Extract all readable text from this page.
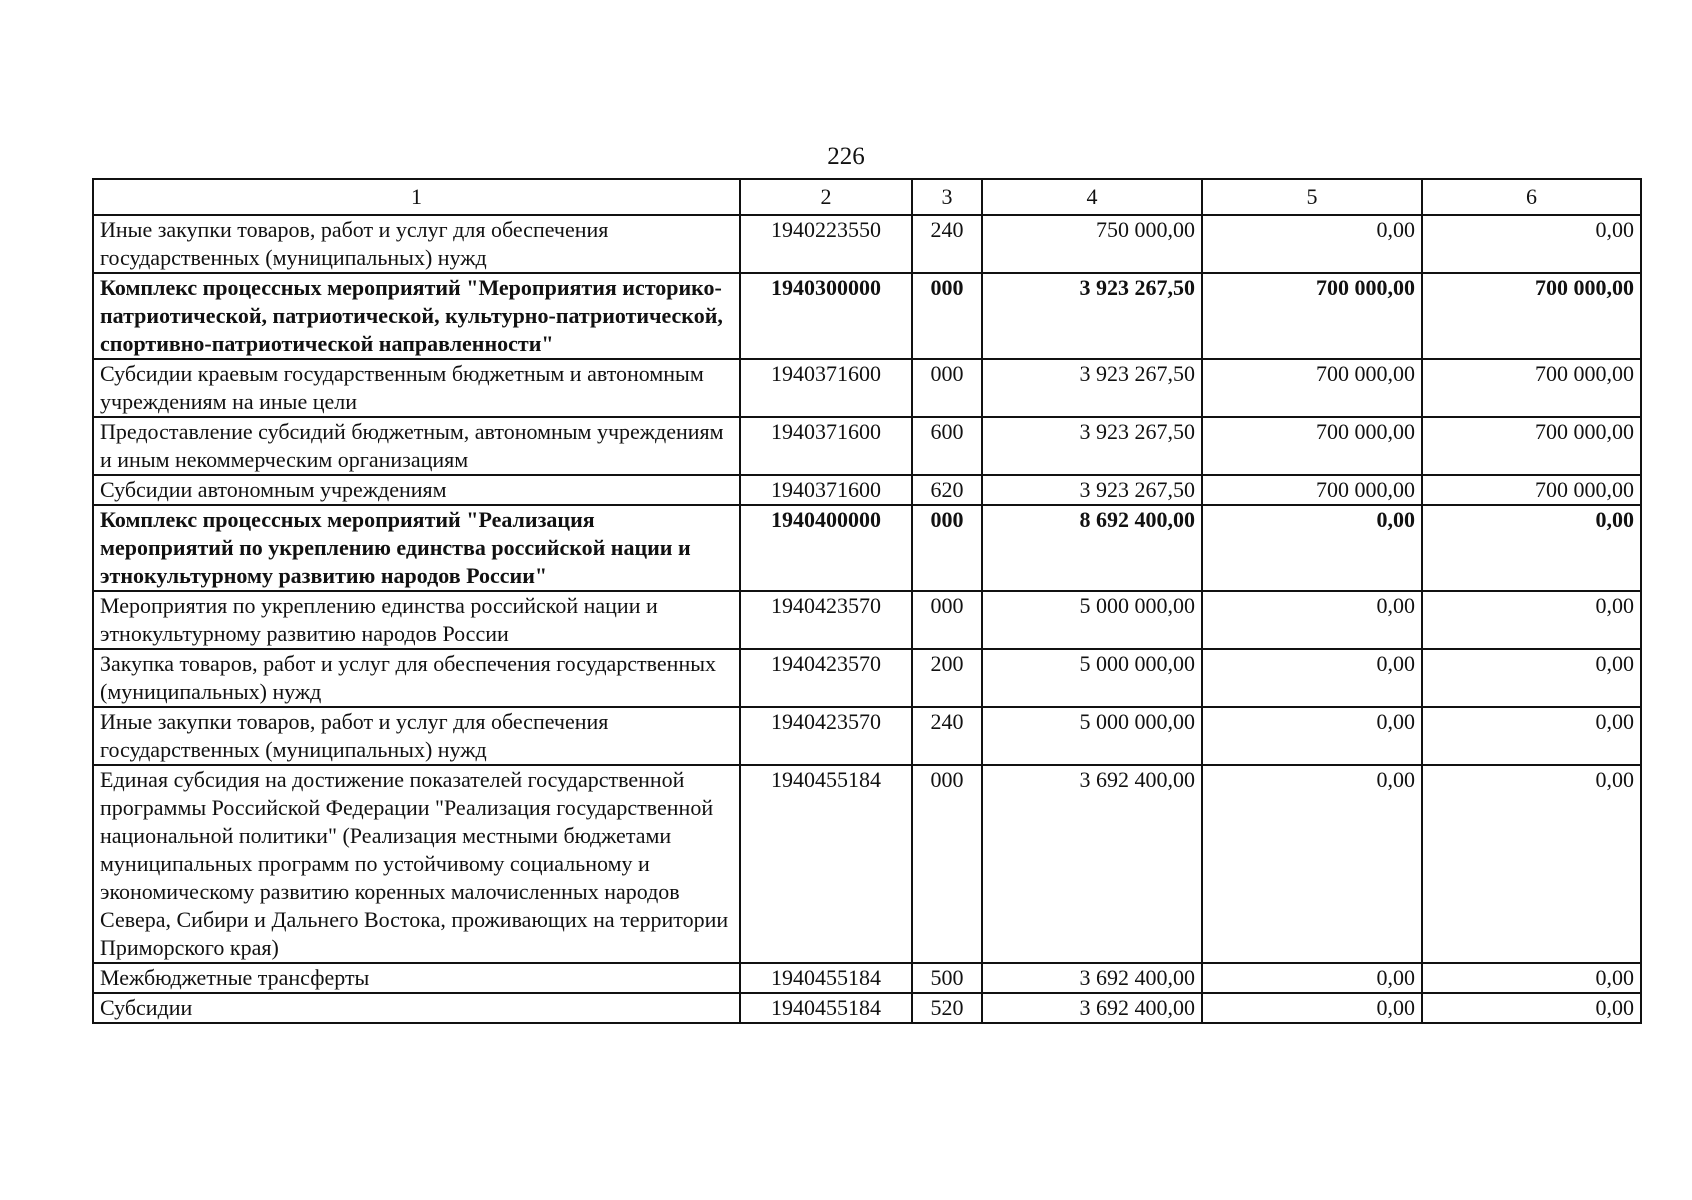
226
1	2	3	4	5	6
Иные закупки товаров, работ и услуг для обеспечения государственных (муниципальных) нужд	1940223550	240	750 000,00	0,00	0,00
Комплекс процессных мероприятий "Мероприятия историко-патриотической, патриотической, культурно-патриотической, спортивно-патриотической направленности"	1940300000	000	3 923 267,50	700 000,00	700 000,00
Субсидии краевым государственным бюджетным и автономным учреждениям на иные цели	1940371600	000	3 923 267,50	700 000,00	700 000,00
Предоставление субсидий бюджетным, автономным учреждениям и иным некоммерческим организациям	1940371600	600	3 923 267,50	700 000,00	700 000,00
Субсидии автономным учреждениям	1940371600	620	3 923 267,50	700 000,00	700 000,00
Комплекс процессных мероприятий "Реализация мероприятий по укреплению единства российской нации и этнокультурному развитию народов России"	1940400000	000	8 692 400,00	0,00	0,00
Мероприятия по укреплению единства российской нации и этнокультурному развитию народов России	1940423570	000	5 000 000,00	0,00	0,00
Закупка товаров, работ и услуг для обеспечения государственных (муниципальных) нужд	1940423570	200	5 000 000,00	0,00	0,00
Иные закупки товаров, работ и услуг для обеспечения государственных (муниципальных) нужд	1940423570	240	5 000 000,00	0,00	0,00
Единая субсидия на достижение показателей государственной программы Российской Федерации "Реализация государственной национальной политики" (Реализация местными бюджетами муниципальных программ по устойчивому социальному и экономическому развитию коренных малочисленных народов Севера, Сибири и Дальнего Востока, проживающих на территории Приморского края)	1940455184	000	3 692 400,00	0,00	0,00
Межбюджетные трансферты	1940455184	500	3 692 400,00	0,00	0,00
Субсидии	1940455184	520	3 692 400,00	0,00	0,00
